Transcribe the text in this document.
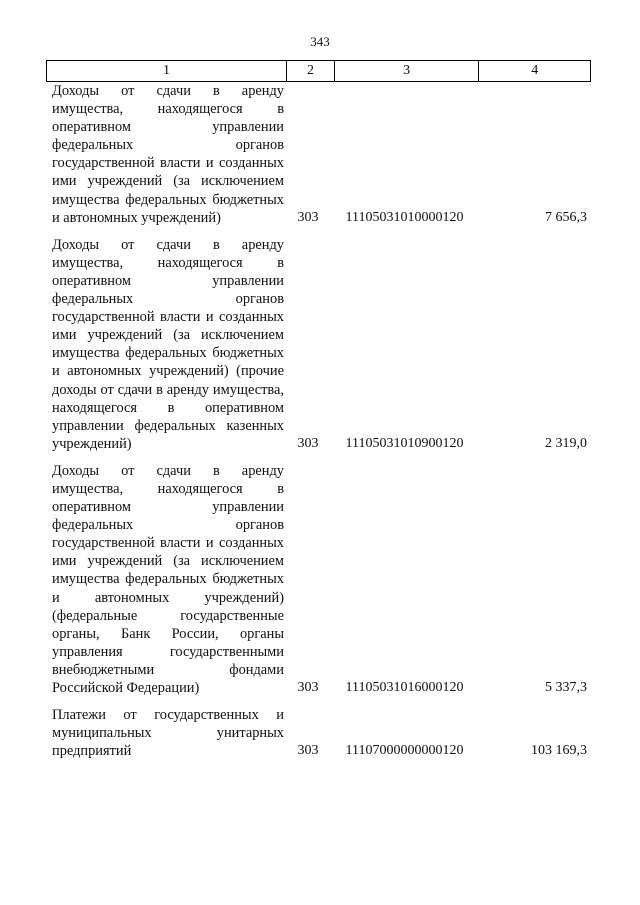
343
1	2	3	4
Доходы от сдачи в аренду имущества, находящегося в оперативном управлении федеральных органов государственной власти и созданных ими учреждений (за исключением имущества федеральных бюджетных и автономных учреждений)	303	11105031010000120	7 656,3
Доходы от сдачи в аренду имущества, находящегося в оперативном управлении федеральных органов государственной власти и созданных ими учреждений (за исключением имущества федеральных бюджетных и автономных учреждений) (прочие доходы от сдачи в аренду имущества, находящегося в оперативном управлении федеральных казенных учреждений)	303	11105031010900120	2 319,0
Доходы от сдачи в аренду имущества, находящегося в оперативном управлении федеральных органов государственной власти и созданных ими учреждений (за исключением имущества федеральных бюджетных и автономных учреждений) (федеральные государственные органы, Банк России, органы управления государственными внебюджетными фондами Российской Федерации)	303	11105031016000120	5 337,3
Платежи от государственных и муниципальных унитарных предприятий	303	11107000000000120	103 169,3
